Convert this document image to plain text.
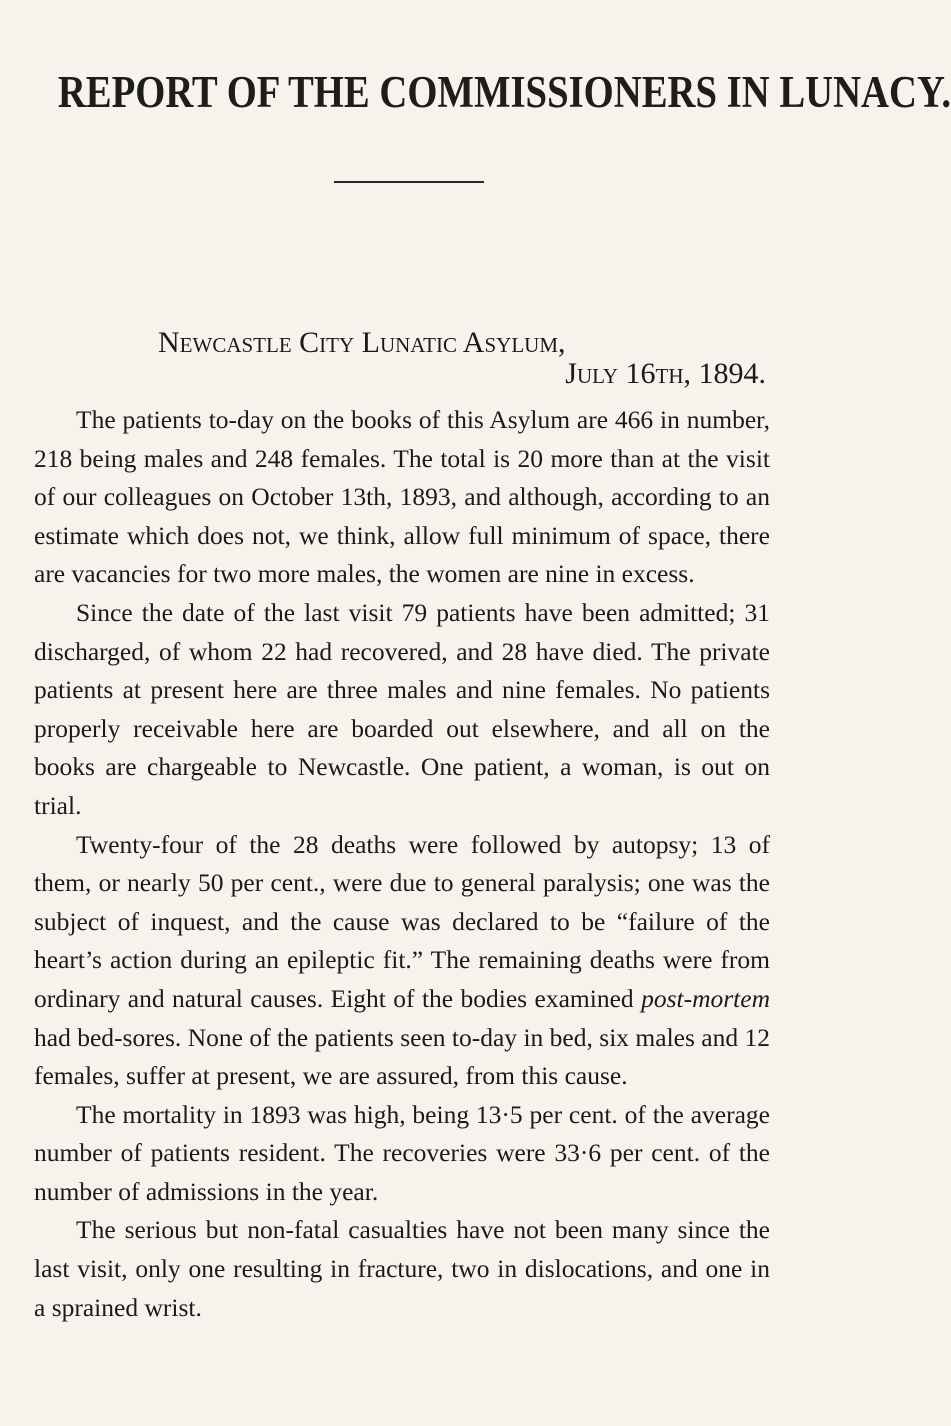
REPORT OF THE COMMISSIONERS IN LUNACY.
Newcastle City Lunatic Asylum,
July 16th, 1894.

The patients to-day on the books of this Asylum are 466 in number, 218 being males and 248 females. The total is 20 more than at the visit of our colleagues on October 13th, 1893, and although, according to an estimate which does not, we think, allow full minimum of space, there are vacancies for two more males, the women are nine in excess.

Since the date of the last visit 79 patients have been admitted; 31 discharged, of whom 22 had recovered, and 28 have died. The private patients at present here are three males and nine females. No patients properly receivable here are boarded out elsewhere, and all on the books are chargeable to Newcastle. One patient, a woman, is out on trial.

Twenty-four of the 28 deaths were followed by autopsy; 13 of them, or nearly 50 per cent., were due to general paralysis; one was the subject of inquest, and the cause was declared to be “failure of the heart’s action during an epileptic fit.” The remaining deaths were from ordinary and natural causes. Eight of the bodies examined post-mortem had bed-sores. None of the patients seen to-day in bed, six males and 12 females, suffer at present, we are assured, from this cause.

The mortality in 1893 was high, being 13·5 per cent. of the average number of patients resident. The recoveries were 33·6 per cent. of the number of admissions in the year.

The serious but non-fatal casualties have not been many since the last visit, only one resulting in fracture, two in dislocations, and one in a sprained wrist.
